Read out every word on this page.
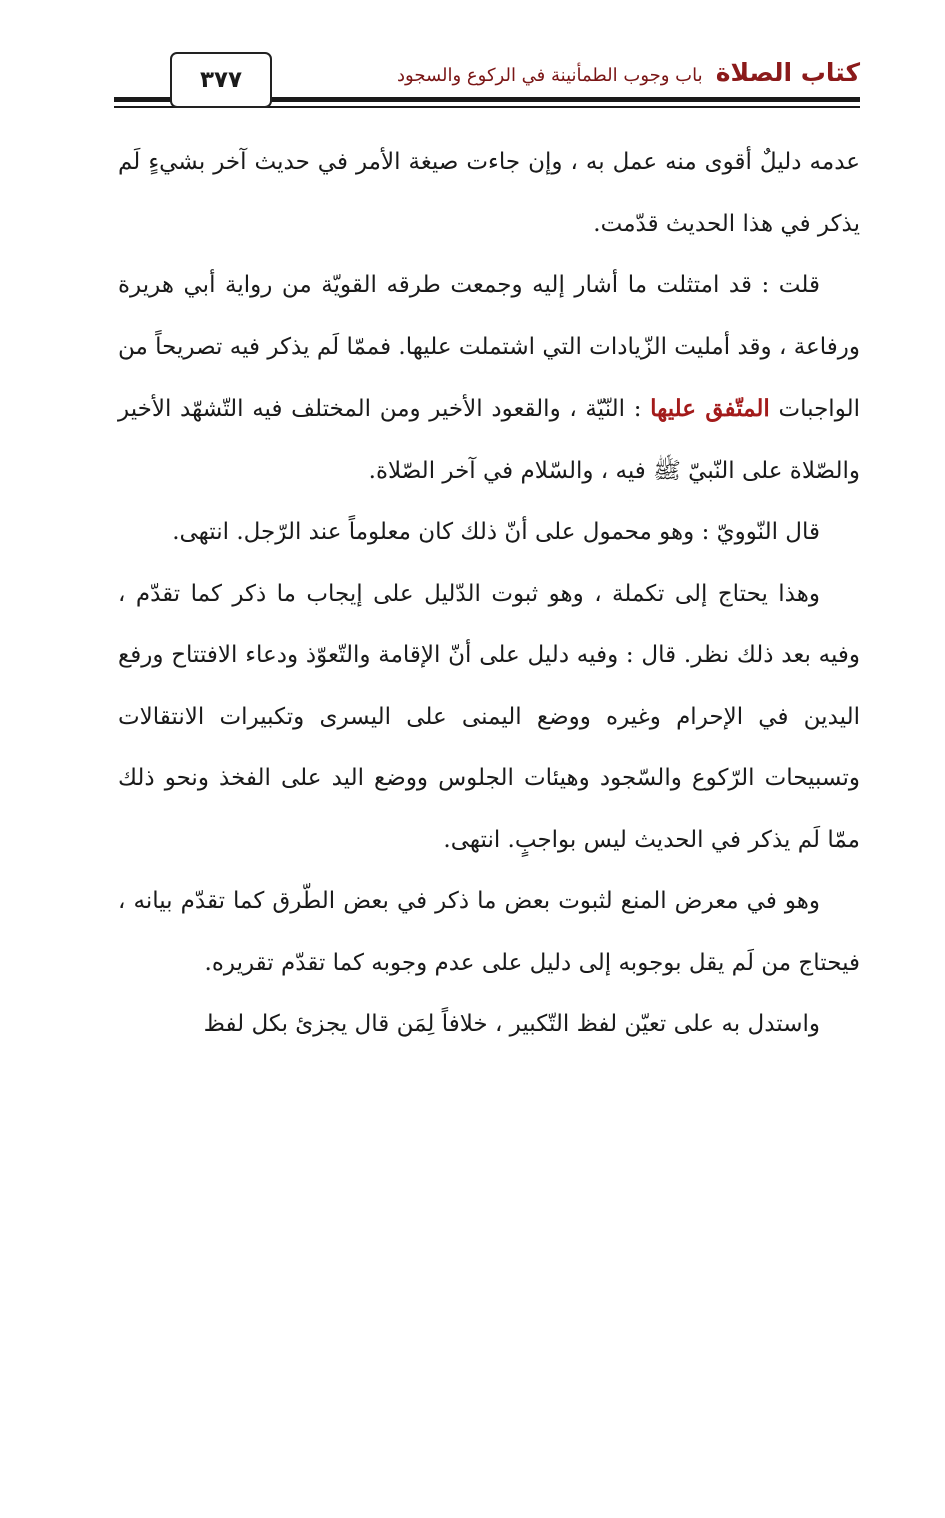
٣٧٧	كتاب الصلاة باب وجوب الطمأنينة في الركوع والسجود

عدمه دليلٌ أقوى منه عمل به ، وإن جاءت صيغة الأمر في حديث آخر بشيءٍ لَم يذكر في هذا الحديث قدّمت.

قلت : قد امتثلت ما أشار إليه وجمعت طرقه القويّة من رواية أبي هريرة ورفاعة ، وقد أمليت الزّيادات التي اشتملت عليها. فممّا لَم يذكر فيه تصريحاً من الواجبات المتّفق عليها : النّيّة ، والقعود الأخير ومن المختلف فيه التّشهّد الأخير والصّلاة على النّبيّ ﷺ فيه ، والسّلام في آخر الصّلاة.

قال النّوويّ : وهو محمول على أنّ ذلك كان معلوماً عند الرّجل. انتهى.

وهذا يحتاج إلى تكملة ، وهو ثبوت الدّليل على إيجاب ما ذكر كما تقدّم ، وفيه بعد ذلك نظر. قال : وفيه دليل على أنّ الإقامة والتّعوّذ ودعاء الافتتاح ورفع اليدين في الإحرام وغيره ووضع اليمنى على اليسرى وتكبيرات الانتقالات وتسبيحات الرّكوع والسّجود وهيئات الجلوس ووضع اليد على الفخذ ونحو ذلك ممّا لَم يذكر في الحديث ليس بواجبٍ. انتهى.

وهو في معرض المنع لثبوت بعض ما ذكر في بعض الطّرق كما تقدّم بيانه ، فيحتاج من لَم يقل بوجوبه إلى دليل على عدم وجوبه كما تقدّم تقريره.

واستدل به على تعيّن لفظ التّكبير ، خلافاً لِمَن قال يجزئ بكل لفظ
